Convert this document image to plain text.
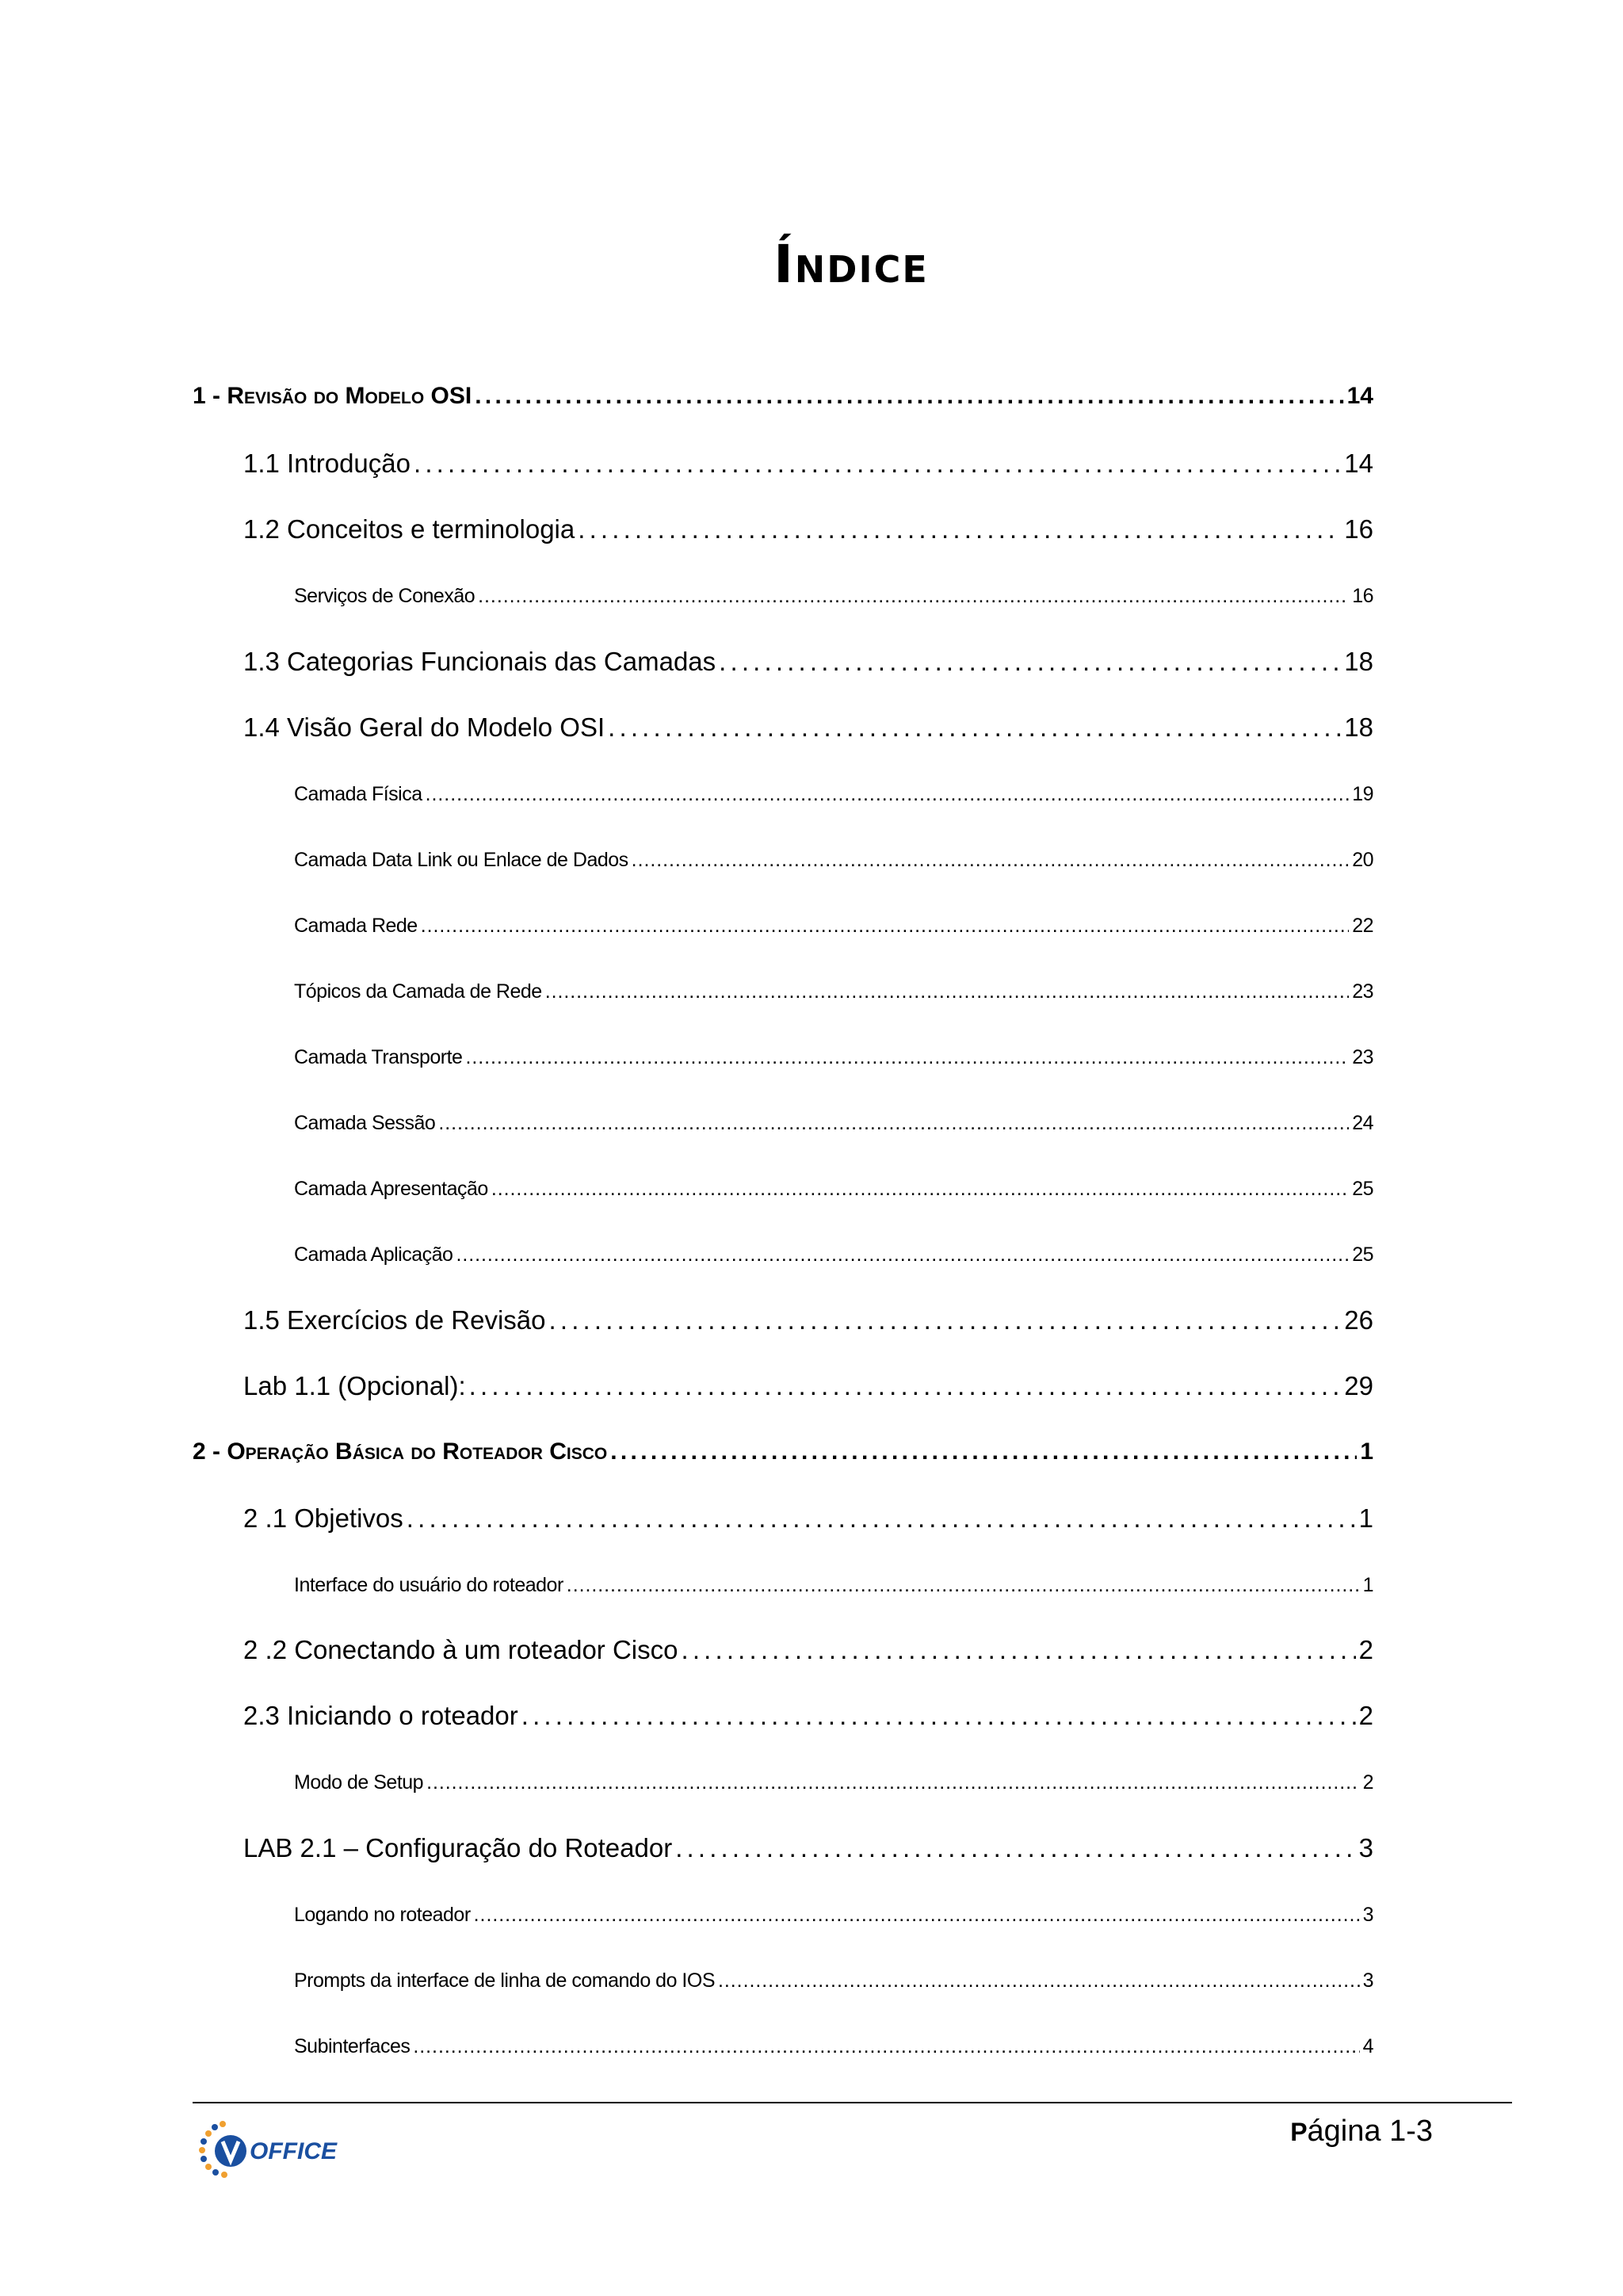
Índice
1 - Revisão do Modelo OSI . . .	14
1.1 Introdução . . .	14
1.2 Conceitos e terminologia . . .	16
Serviços de Conexão . . .	16
1.3 Categorias Funcionais das Camadas . . .	18
1.4 Visão Geral do Modelo OSI . . .	18
Camada Física . . .	19
Camada Data Link ou Enlace de Dados . . .	20
Camada Rede . . .	22
Tópicos da Camada de Rede . . .	23
Camada Transporte . . .	23
Camada Sessão . . .	24
Camada Apresentação . . .	25
Camada Aplicação . . .	25
1.5 Exercícios de Revisão . . .	26
Lab 1.1 (Opcional): . . .	29
2 - Operação Básica do Roteador Cisco . . .	1
2 .1 Objetivos . . .	1
Interface do usuário do roteador . . .	1
2 .2 Conectando à um roteador Cisco . . .	2
2.3 Iniciando o roteador . . .	2
Modo de Setup . . .	2
LAB 2.1 – Configuração do Roteador . . .	3
Logando no roteador . . .	3
Prompts da interface de linha de comando do IOS . . .	3
Subinterfaces . . .	4
OFFICE
Página 1-3
